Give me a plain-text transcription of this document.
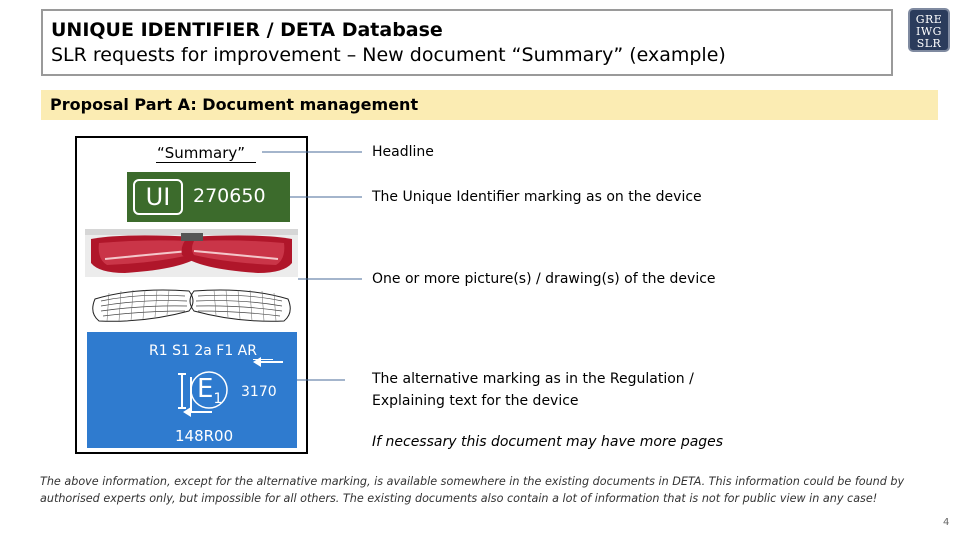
UNIQUE IDENTIFIER / DETA Database
SLR requests for improvement – New document “Summary” (example)
GRE
IWG
SLR
Proposal Part A: Document management
“Summary”
UI	270650
R1 S1 2a F1 AR
$E_1$ 3170
148R00
Headline
The Unique Identifier marking as on the device
One or more picture(s) / drawing(s) of the device
The alternative marking as in the Regulation /
Explaining text for the device
If necessary this document may have more pages
The above information, except for the alternative marking, is available somewhere in the existing documents in DETA. This information could be found by authorised experts only, but impossible for all others. The existing documents also contain a lot of information that is not for public view in any case!
4
